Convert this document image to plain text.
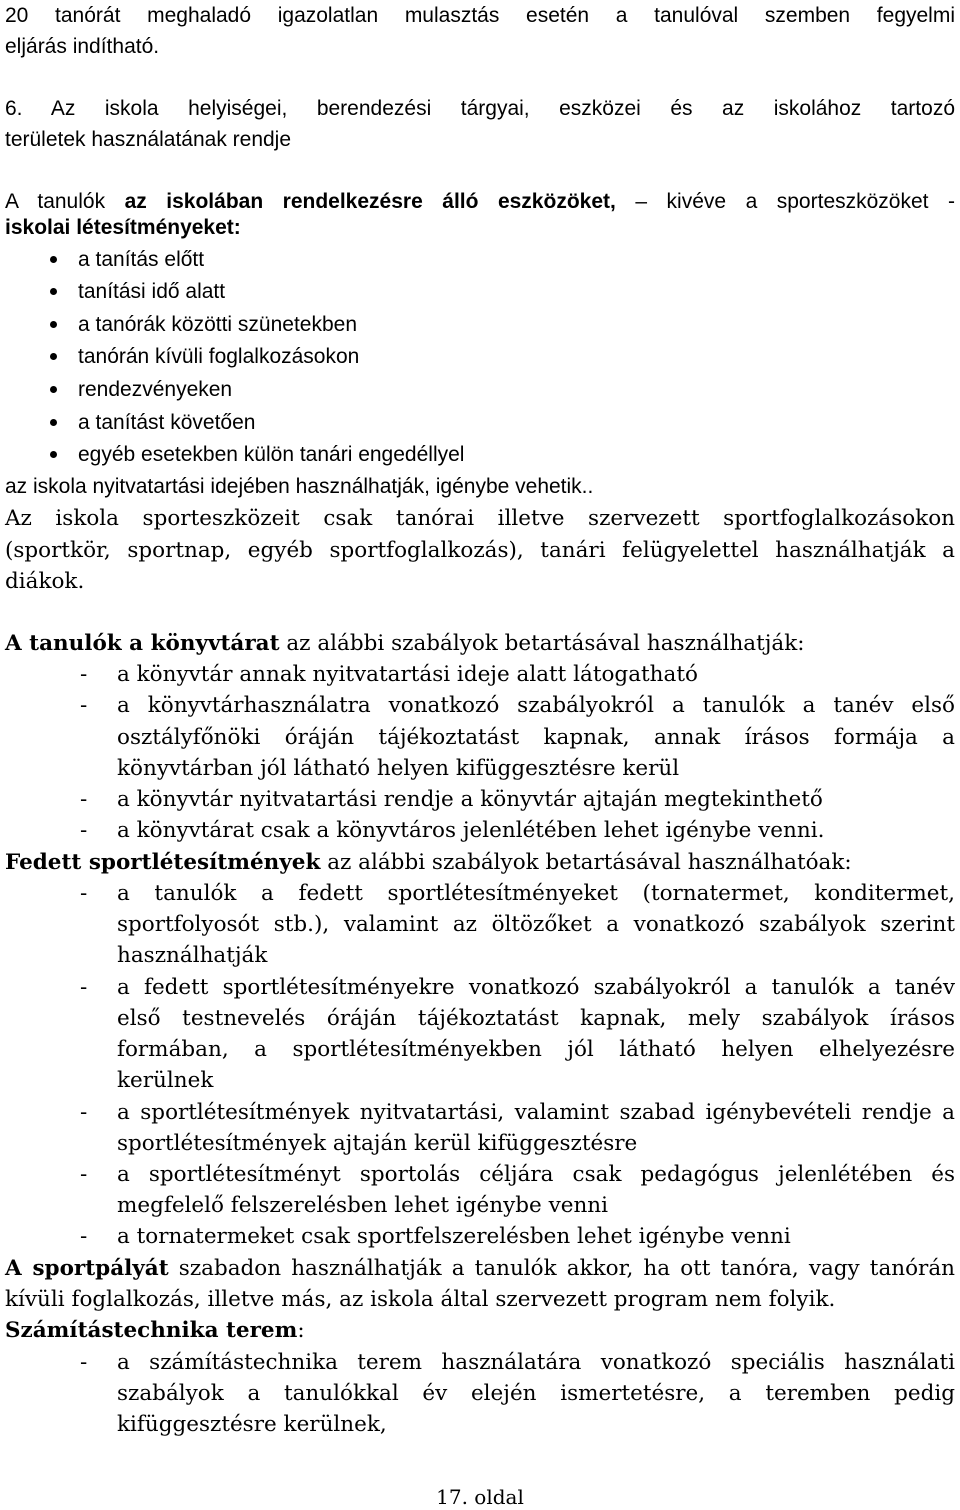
20 tanórát meghaladó igazolatlan mulasztás esetén a tanulóval szemben fegyelmi
eljárás indítható.
6. Az iskola helyiségei, berendezési tárgyai, eszközei és az iskolához tartozó
területek használatának rendje
A tanulók az iskolában rendelkezésre álló eszközöket, – kivéve a sporteszközöket -
iskolai létesítményeket:
a tanítás előtt
tanítási idő alatt
a tanórák közötti szünetekben
tanórán kívüli foglalkozásokon
rendezvényeken
a tanítást követően
egyéb esetekben külön tanári engedéllyel
az iskola nyitvatartási idejében használhatják, igénybe vehetik..
Az iskola sporteszközeit csak tanórai illetve szervezett sportfoglalkozásokon
(sportkör, sportnap, egyéb sportfoglalkozás), tanári felügyelettel használhatják a
diákok.
A tanulók a könyvtárat az alábbi szabályok betartásával használhatják:
- a könyvtár annak nyitvatartási ideje alatt látogatható
- a könyvtárhasználatra vonatkozó szabályokról a tanulók a tanév első
osztályfőnöki óráján tájékoztatást kapnak, annak írásos formája a
könyvtárban jól látható helyen kifüggesztésre kerül
- a könyvtár nyitvatartási rendje a könyvtár ajtaján megtekinthető
- a könyvtárat csak a könyvtáros jelenlétében lehet igénybe venni.
Fedett sportlétesítmények az alábbi szabályok betartásával használhatóak:
- a tanulók a fedett sportlétesítményeket (tornatermet, konditermet,
sportfolyosót stb.), valamint az öltözőket a vonatkozó szabályok szerint
használhatják
- a fedett sportlétesítményekre vonatkozó szabályokról a tanulók a tanév
első testnevelés óráján tájékoztatást kapnak, mely szabályok írásos
formában, a sportlétesítményekben jól látható helyen elhelyezésre
kerülnek
- a sportlétesítmények nyitvatartási, valamint szabad igénybevételi rendje a
sportlétesítmények ajtaján kerül kifüggesztésre
- a sportlétesítményt sportolás céljára csak pedagógus jelenlétében és
megfelelő felszerelésben lehet igénybe venni
- a tornatermeket csak sportfelszerelésben lehet igénybe venni
A sportpályát szabadon használhatják a tanulók akkor, ha ott tanóra, vagy tanórán
kívüli foglalkozás, illetve más, az iskola által szervezett program nem folyik.
Számítástechnika terem:
- a számítástechnika terem használatára vonatkozó speciális használati
szabályok a tanulókkal év elején ismertetésre, a teremben pedig
kifüggesztésre kerülnek,
17. oldal
